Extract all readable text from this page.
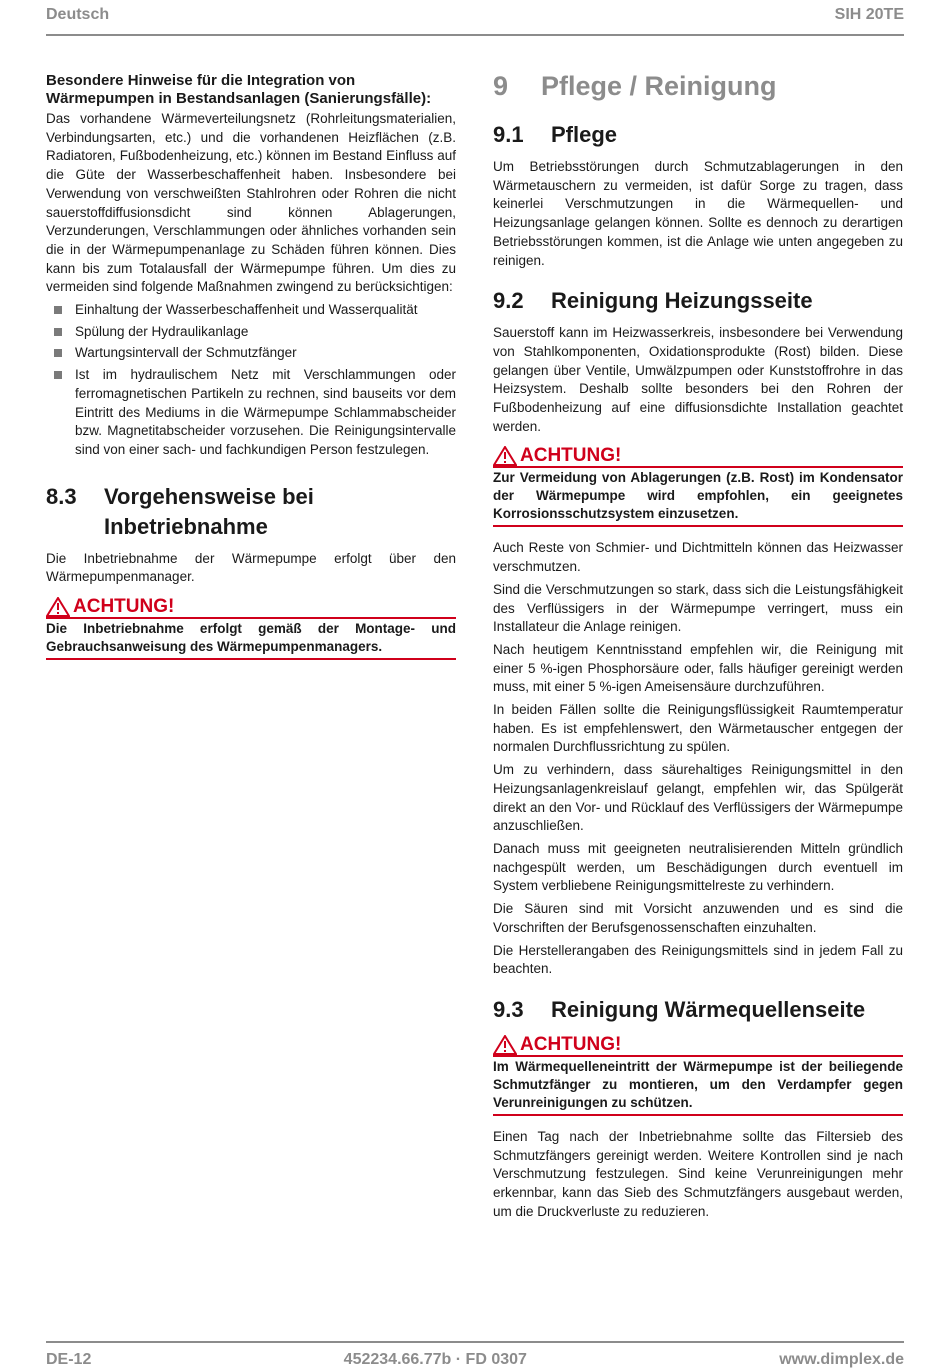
Deutsch	SIH 20TE
Besondere Hinweise für die Integration von Wärmepumpen in Bestandsanlagen (Sanierungsfälle):

Das vorhandene Wärmeverteilungsnetz (Rohrleitungsmaterialien, Verbindungsarten, etc.) und die vorhandenen Heizflächen (z.B. Radiatoren, Fußbodenheizung, etc.) können im Bestand Einfluss auf die Güte der Wasserbeschaffenheit haben. Insbesondere bei Verwendung von verschweißten Stahlrohren oder Rohren die nicht sauerstoffdiffusionsdicht sind können Ablagerungen, Verzunderungen, Verschlammungen oder ähnliches vorhanden sein die in der Wärmepumpenanlage zu Schäden führen können. Dies kann bis zum Totalausfall der Wärmepumpe führen. Um dies zu vermeiden sind folgende Maßnahmen zwingend zu berücksichtigen:

Einhaltung der Wasserbeschaffenheit und Wasserqualität
Spülung der Hydraulikanlage
Wartungsintervall der Schmutzfänger
Ist im hydraulischem Netz mit Verschlammungen oder ferromagnetischen Partikeln zu rechnen, sind bauseits vor dem Eintritt des Mediums in die Wärmepumpe Schlammabscheider bzw. Magnetitabscheider vorzusehen. Die Reinigungsintervalle sind von einer sach- und fachkundigen Person festzulegen.
8.3	Vorgehensweise bei Inbetriebnahme

Die Inbetriebnahme der Wärmepumpe erfolgt über den Wärmepumpenmanager.

ACHTUNG!
Die Inbetriebnahme erfolgt gemäß der Montage- und Gebrauchsanweisung des Wärmepumpenmanagers.
9	Pflege / Reinigung
9.1	Pflege

Um Betriebsstörungen durch Schmutzablagerungen in den Wärmetauschern zu vermeiden, ist dafür Sorge zu tragen, dass keinerlei Verschmutzungen in die Wärmequellen- und Heizungsanlage gelangen können. Sollte es dennoch zu derartigen Betriebsstörungen kommen, ist die Anlage wie unten angegeben zu reinigen.

9.2	Reinigung Heizungsseite

Sauerstoff kann im Heizwasserkreis, insbesondere bei Verwendung von Stahlkomponenten, Oxidationsprodukte (Rost) bilden. Diese gelangen über Ventile, Umwälzpumpen oder Kunststoffrohre in das Heizsystem. Deshalb sollte besonders bei den Rohren der Fußbodenheizung auf eine diffusionsdichte Installation geachtet werden.

ACHTUNG!
Zur Vermeidung von Ablagerungen (z.B. Rost) im Kondensator der Wärmepumpe wird empfohlen, ein geeignetes Korrosionsschutzsystem einzusetzen.

Auch Reste von Schmier- und Dichtmitteln können das Heizwasser verschmutzen.

Sind die Verschmutzungen so stark, dass sich die Leistungsfähigkeit des Verflüssigers in der Wärmepumpe verringert, muss ein Installateur die Anlage reinigen.

Nach heutigem Kenntnisstand empfehlen wir, die Reinigung mit einer 5 %-igen Phosphorsäure oder, falls häufiger gereinigt werden muss, mit einer 5 %-igen Ameisensäure durchzuführen.

In beiden Fällen sollte die Reinigungsflüssigkeit Raumtemperatur haben. Es ist empfehlenswert, den Wärmetauscher entgegen der normalen Durchflussrichtung zu spülen.

Um zu verhindern, dass säurehaltiges Reinigungsmittel in den Heizungsanlagenkreislauf gelangt, empfehlen wir, das Spülgerät direkt an den Vor- und Rücklauf des Verflüssigers der Wärmepumpe anzuschließen.

Danach muss mit geeigneten neutralisierenden Mitteln gründlich nachgespült werden, um Beschädigungen durch eventuell im System verbliebene Reinigungsmittelreste zu verhindern.

Die Säuren sind mit Vorsicht anzuwenden und es sind die Vorschriften der Berufsgenossenschaften einzuhalten.

Die Herstellerangaben des Reinigungsmittels sind in jedem Fall zu beachten.

9.3	Reinigung Wärmequellenseite
ACHTUNG!
Im Wärmequelleneintritt der Wärmepumpe ist der beiliegende Schmutzfänger zu montieren, um den Verdampfer gegen Verunreinigungen zu schützen.

Einen Tag nach der Inbetriebnahme sollte das Filtersieb des Schmutzfängers gereinigt werden. Weitere Kontrollen sind je nach Verschmutzung festzulegen. Sind keine Verunreinigungen mehr erkennbar, kann das Sieb des Schmutzfängers ausgebaut werden, um die Druckverluste zu reduzieren.

DE-12	452234.66.77b · FD 0307	www.dimplex.de
